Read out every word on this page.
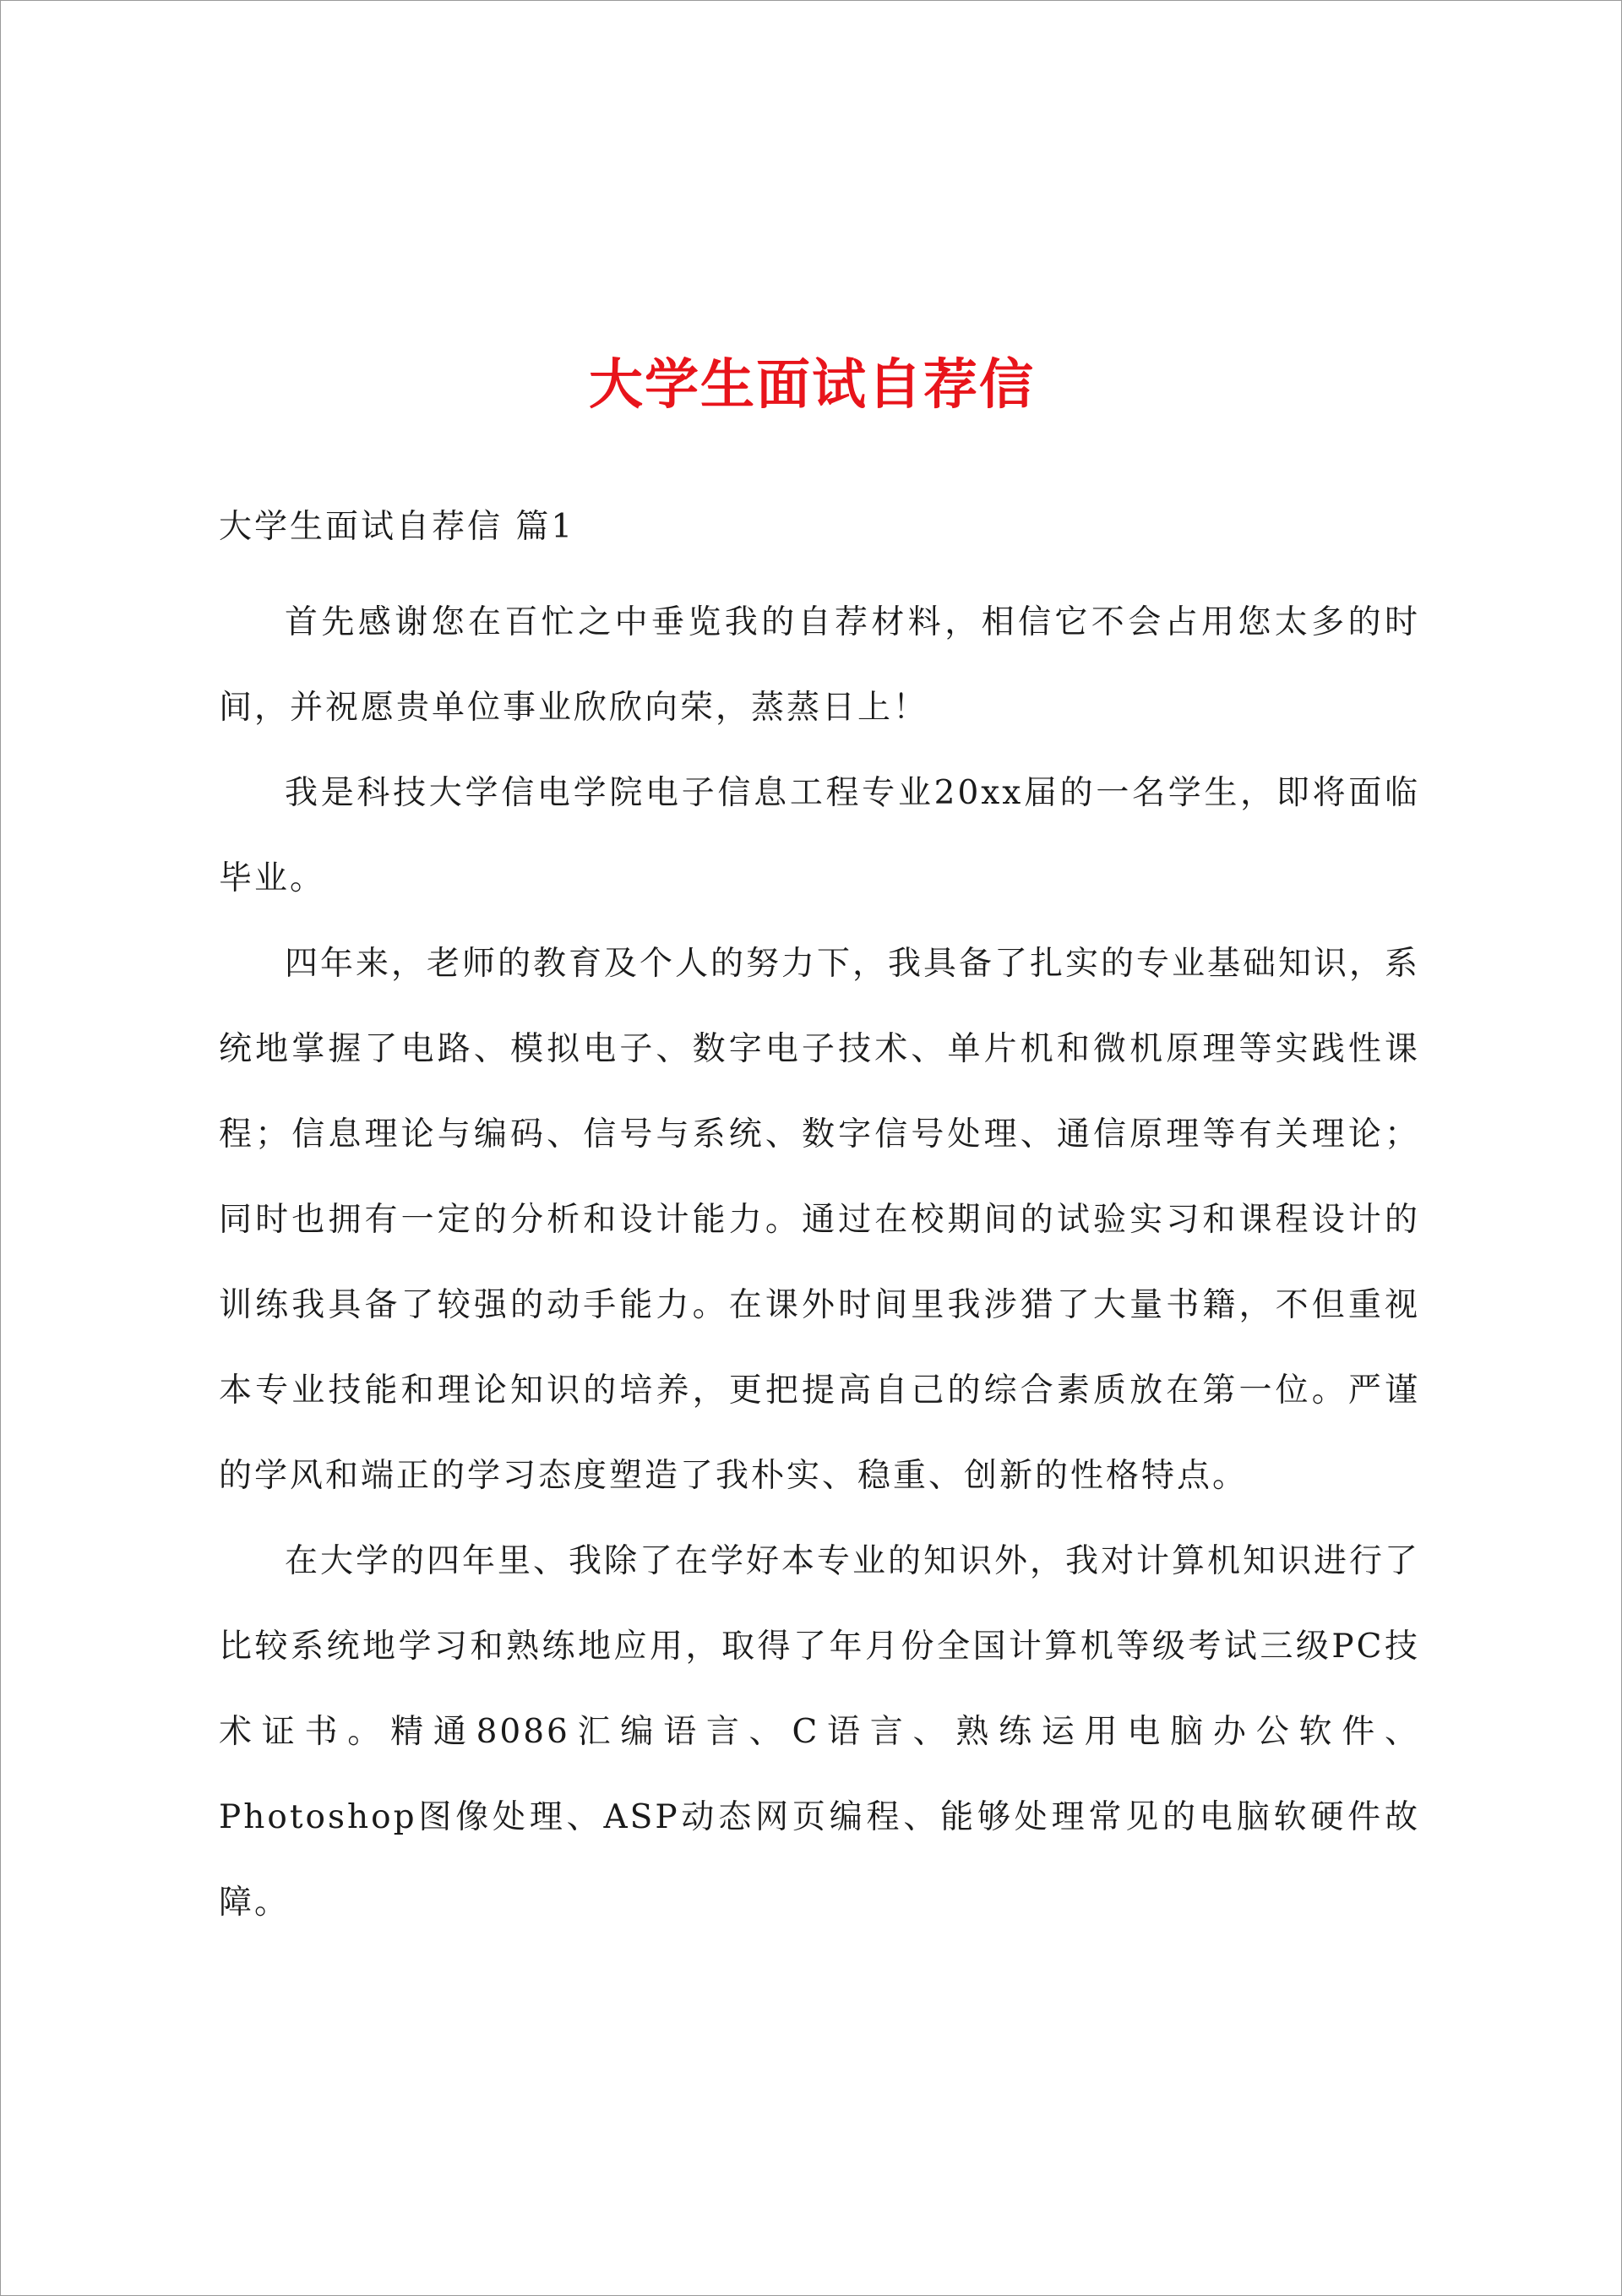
大学生面试自荐信
大学生面试自荐信 篇1

首先感谢您在百忙之中垂览我的自荐材料，相信它不会占用您太多的时间，并祝愿贵单位事业欣欣向荣，蒸蒸日上！

我是科技大学信电学院电子信息工程专业20xx届的一名学生，即将面临毕业。

四年来，老师的教育及个人的努力下，我具备了扎实的专业基础知识，系统地掌握了电路、模拟电子、数字电子技术、单片机和微机原理等实践性课程；信息理论与编码、信号与系统、数字信号处理、通信原理等有关理论；同时也拥有一定的分析和设计能力。通过在校期间的试验实习和课程设计的训练我具备了较强的动手能力。在课外时间里我涉猎了大量书籍，不但重视本专业技能和理论知识的培养，更把提高自己的综合素质放在第一位。严谨的学风和端正的学习态度塑造了我朴实、稳重、创新的性格特点。

在大学的四年里、我除了在学好本专业的知识外，我对计算机知识进行了比较系统地学习和熟练地应用，取得了年月份全国计算机等级考试三级PC技术证书。精通8086汇编语言、C语言、熟练运用电脑办公软件、Photoshop图像处理、ASP动态网页编程、能够处理常见的电脑软硬件故障。
